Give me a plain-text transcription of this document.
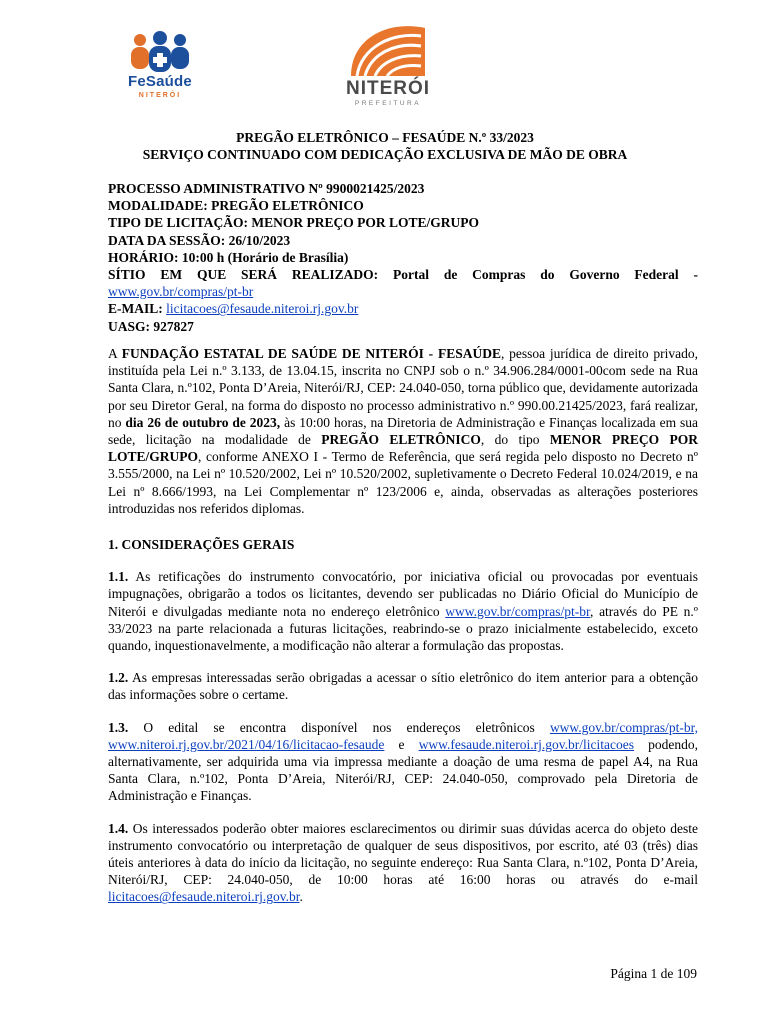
FeSaúde
NITERÓI	NITERÓI
PREFEITURA
PREGÃO ELETRÔNICO – FESAÚDE N.º 33/2023
SERVIÇO CONTINUADO COM DEDICAÇÃO EXCLUSIVA DE MÃO DE OBRA
PROCESSO ADMINISTRATIVO Nº 9900021425/2023
MODALIDADE: PREGÃO ELETRÔNICO
TIPO DE LICITAÇÃO: MENOR PREÇO POR LOTE/GRUPO
DATA DA SESSÃO: 26/10/2023
HORÁRIO: 10:00 h (Horário de Brasília)
SÍTIO EM QUE SERÁ REALIZADO: Portal de Compras do Governo Federal -
www.gov.br/compras/pt-br
E-MAIL: licitacoes@fesaude.niteroi.rj.gov.br
UASG: 927827

A FUNDAÇÃO ESTATAL DE SAÚDE DE NITERÓI - FESAÚDE, pessoa jurídica de direito privado, instituída pela Lei n.º 3.133, de 13.04.15, inscrita no CNPJ sob o n.º 34.906.284/0001-00com sede na Rua Santa Clara, n.º102, Ponta D’Areia, Niterói/RJ, CEP: 24.040-050, torna público que, devidamente autorizada por seu Diretor Geral, na forma do disposto no processo administrativo n.º 990.00.21425/2023, fará realizar, no dia 26 de outubro de 2023, às 10:00 horas, na Diretoria de Administração e Finanças localizada em sua sede, licitação na modalidade de PREGÃO ELETRÔNICO, do tipo MENOR PREÇO POR LOTE/GRUPO, conforme ANEXO I - Termo de Referência, que será regida pelo disposto no Decreto nº 3.555/2000, na Lei nº 10.520/2002, Lei nº 10.520/2002, supletivamente o Decreto Federal 10.024/2019, e na Lei nº 8.666/1993, na Lei Complementar nº 123/2006 e, ainda, observadas as alterações posteriores introduzidas nos referidos diplomas.

1. CONSIDERAÇÕES GERAIS

1.1. As retificações do instrumento convocatório, por iniciativa oficial ou provocadas por eventuais impugnações, obrigarão a todos os licitantes, devendo ser publicadas no Diário Oficial do Município de Niterói e divulgadas mediante nota no endereço eletrônico www.gov.br/compras/pt-br, através do PE n.º 33/2023 na parte relacionada a futuras licitações, reabrindo-se o prazo inicialmente estabelecido, exceto quando, inquestionavelmente, a modificação não alterar a formulação das propostas.

1.2. As empresas interessadas serão obrigadas a acessar o sítio eletrônico do item anterior para a obtenção das informações sobre o certame.

1.3. O edital se encontra disponível nos endereços eletrônicos www.gov.br/compras/pt-br, www.niteroi.rj.gov.br/2021/04/16/licitacao-fesaude e www.fesaude.niteroi.rj.gov.br/licitacoes podendo, alternativamente, ser adquirida uma via impressa mediante a doação de uma resma de papel A4, na Rua Santa Clara, n.º102, Ponta D’Areia, Niterói/RJ, CEP: 24.040-050, comprovado pela Diretoria de Administração e Finanças.

1.4. Os interessados poderão obter maiores esclarecimentos ou dirimir suas dúvidas acerca do objeto deste instrumento convocatório ou interpretação de qualquer de seus dispositivos, por escrito, até 03 (três) dias úteis anteriores à data do início da licitação, no seguinte endereço: Rua Santa Clara, n.º102, Ponta D’Areia, Niterói/RJ, CEP: 24.040-050, de 10:00 horas até 16:00 horas ou através do e-mail licitacoes@fesaude.niteroi.rj.gov.br.

Página 1 de 109
